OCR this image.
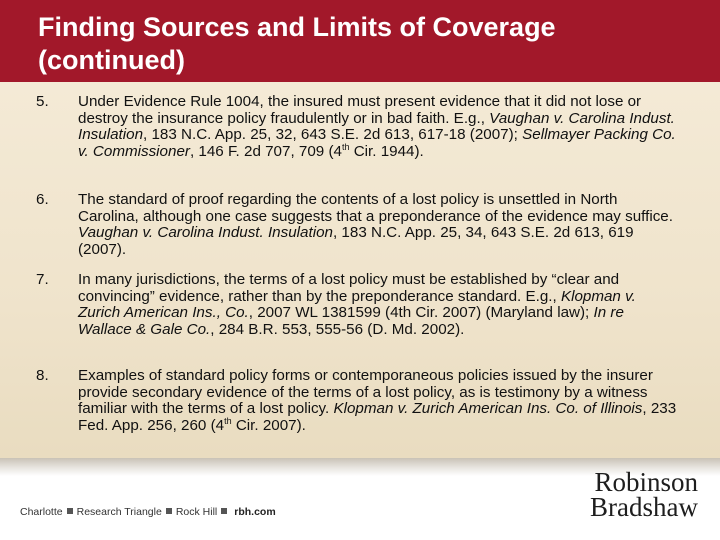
Finding Sources and Limits of Coverage (continued)
5.	Under Evidence Rule 1004, the insured must present evidence that it did not lose or destroy the insurance policy fraudulently or in bad faith. E.g., Vaughan v. Carolina Indust. Insulation, 183 N.C. App. 25, 32, 643 S.E. 2d 613, 617-18 (2007); Sellmayer Packing Co. v. Commissioner, 146 F. 2d 707, 709 (4th Cir. 1944).
6.	The standard of proof regarding the contents of a lost policy is unsettled in North Carolina, although one case suggests that a preponderance of the evidence may suffice. Vaughan v. Carolina Indust. Insulation, 183 N.C. App. 25, 34, 643 S.E. 2d 613, 619 (2007).
7.	In many jurisdictions, the terms of a lost policy must be established by “clear and convincing” evidence, rather than by the preponderance standard. E.g., Klopman v. Zurich American Ins., Co., 2007 WL 1381599 (4th Cir. 2007) (Maryland law); In re Wallace & Gale Co., 284 B.R. 553, 555-56 (D. Md. 2002).
8.	Examples of standard policy forms or contemporaneous policies issued by the insurer provide secondary evidence of the terms of a lost policy, as is testimony by a witness familiar with the terms of a lost policy. Klopman v. Zurich American Ins. Co. of Illinois, 233 Fed. App. 256, 260 (4th Cir. 2007).
Charlotte Research Triangle Rock Hill rbh.com
Robinson
Bradshaw
